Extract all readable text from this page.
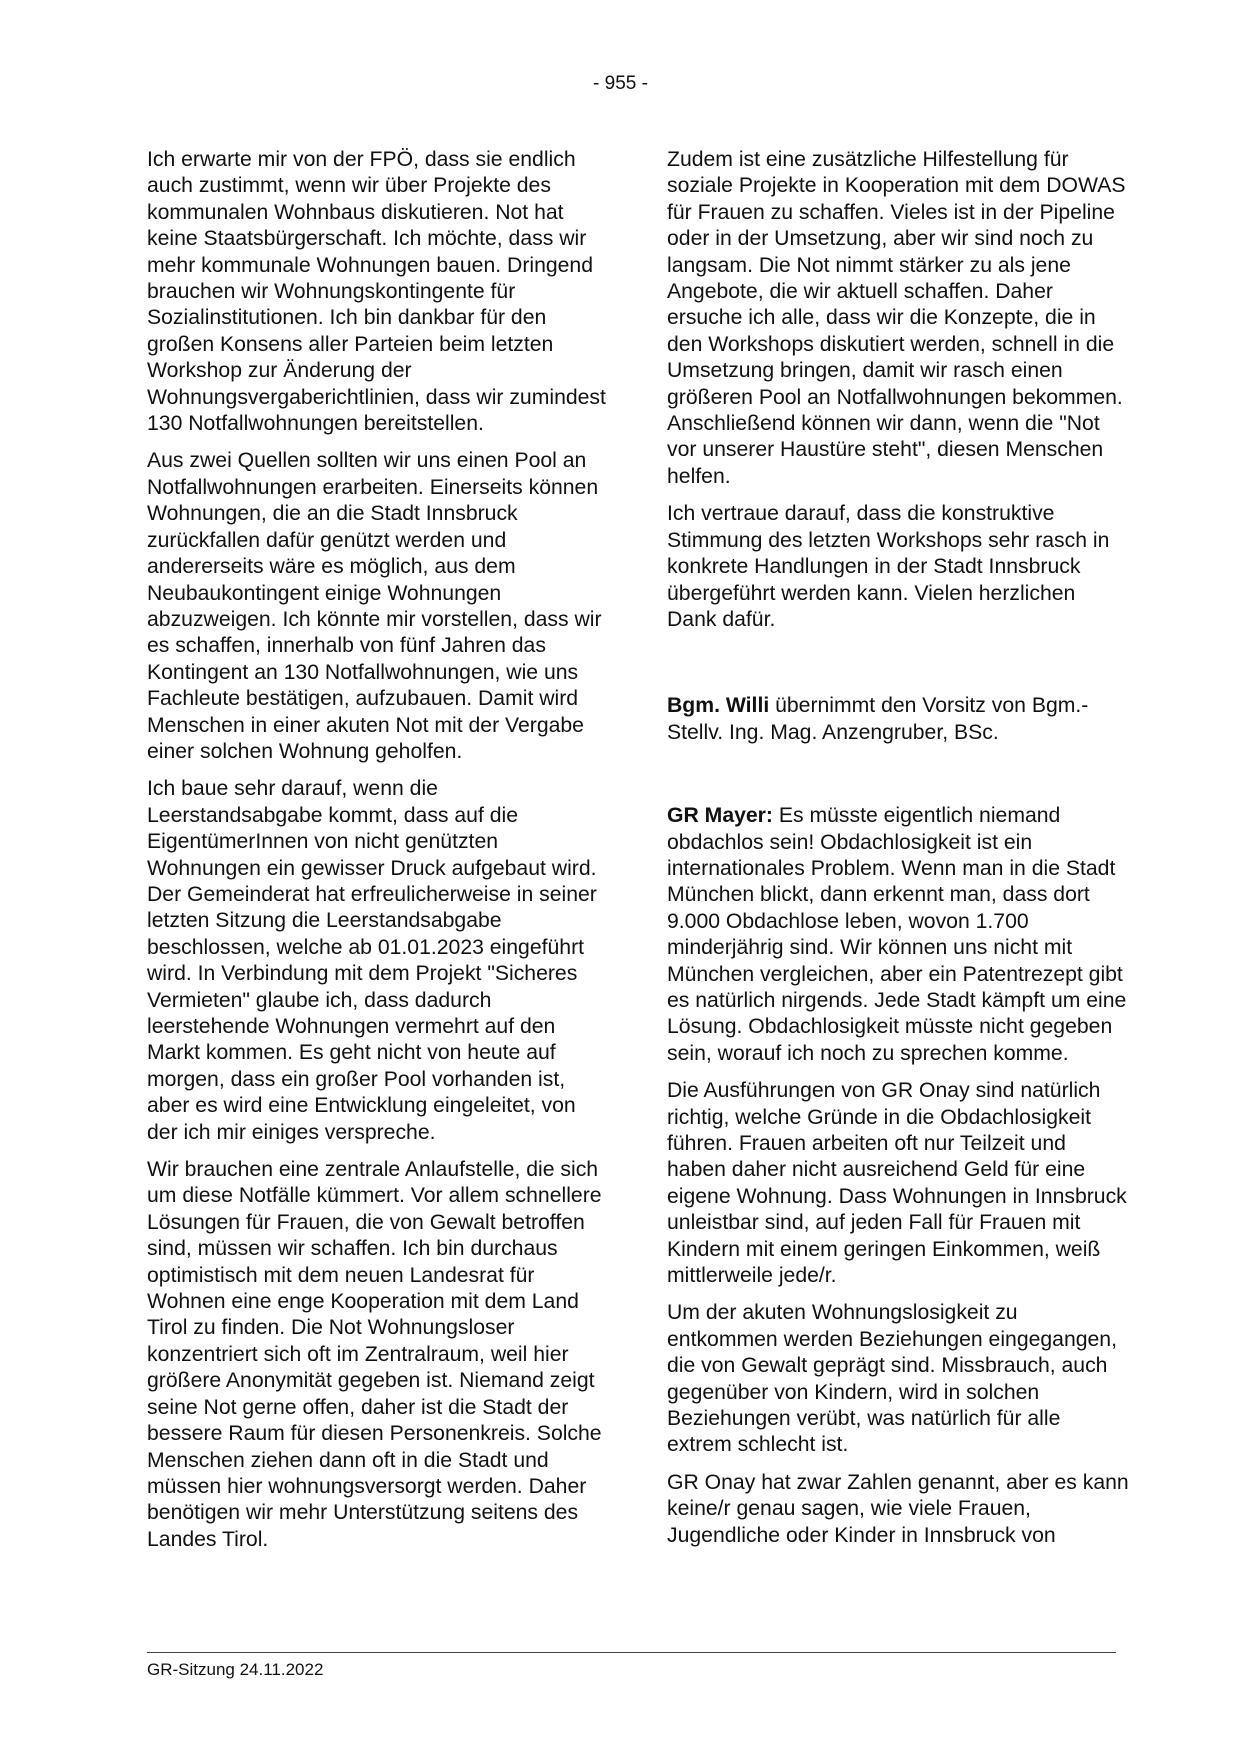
- 955 -

Ich erwarte mir von der FPÖ, dass sie endlich auch zustimmt, wenn wir über Projekte des kommunalen Wohnbaus diskutieren. Not hat keine Staatsbürgerschaft. Ich möchte, dass wir mehr kommunale Wohnungen bauen. Dringend brauchen wir Wohnungskontingente für Sozialinstitutionen. Ich bin dankbar für den großen Konsens aller Parteien beim letzten Workshop zur Änderung der Wohnungsvergaberichtlinien, dass wir zumindest 130 Notfallwohnungen bereitstellen.

Aus zwei Quellen sollten wir uns einen Pool an Notfallwohnungen erarbeiten. Einerseits können Wohnungen, die an die Stadt Innsbruck zurückfallen dafür genützt werden und andererseits wäre es möglich, aus dem Neubaukontingent einige Wohnungen abzuzweigen. Ich könnte mir vorstellen, dass wir es schaffen, innerhalb von fünf Jahren das Kontingent an 130 Notfallwohnungen, wie uns Fachleute bestätigen, aufzubauen. Damit wird Menschen in einer akuten Not mit der Vergabe einer solchen Wohnung geholfen.

Ich baue sehr darauf, wenn die Leerstandsabgabe kommt, dass auf die EigentümerInnen von nicht genützten Wohnungen ein gewisser Druck aufgebaut wird. Der Gemeinderat hat erfreulicherweise in seiner letzten Sitzung die Leerstandsabgabe beschlossen, welche ab 01.01.2023 eingeführt wird. In Verbindung mit dem Projekt "Sicheres Vermieten" glaube ich, dass dadurch leerstehende Wohnungen vermehrt auf den Markt kommen. Es geht nicht von heute auf morgen, dass ein großer Pool vorhanden ist, aber es wird eine Entwicklung eingeleitet, von der ich mir einiges verspreche.

Wir brauchen eine zentrale Anlaufstelle, die sich um diese Notfälle kümmert. Vor allem schnellere Lösungen für Frauen, die von Gewalt betroffen sind, müssen wir schaffen. Ich bin durchaus optimistisch mit dem neuen Landesrat für Wohnen eine enge Kooperation mit dem Land Tirol zu finden. Die Not Wohnungsloser konzentriert sich oft im Zentralraum, weil hier größere Anonymität gegeben ist. Niemand zeigt seine Not gerne offen, daher ist die Stadt der bessere Raum für diesen Personenkreis. Solche Menschen ziehen dann oft in die Stadt und müssen hier wohnungsversorgt werden. Daher benötigen wir mehr Unterstützung seitens des Landes Tirol.

Zudem ist eine zusätzliche Hilfestellung für soziale Projekte in Kooperation mit dem DOWAS für Frauen zu schaffen. Vieles ist in der Pipeline oder in der Umsetzung, aber wir sind noch zu langsam. Die Not nimmt stärker zu als jene Angebote, die wir aktuell schaffen. Daher ersuche ich alle, dass wir die Konzepte, die in den Workshops diskutiert werden, schnell in die Umsetzung bringen, damit wir rasch einen größeren Pool an Notfallwohnungen bekommen. Anschließend können wir dann, wenn die "Not vor unserer Haustüre steht", diesen Menschen helfen.

Ich vertraue darauf, dass die konstruktive Stimmung des letzten Workshops sehr rasch in konkrete Handlungen in der Stadt Innsbruck übergeführt werden kann. Vielen herzlichen Dank dafür.

Bgm. Willi übernimmt den Vorsitz von Bgm.-Stellv. Ing. Mag. Anzengruber, BSc.

GR Mayer: Es müsste eigentlich niemand obdachlos sein! Obdachlosigkeit ist ein internationales Problem. Wenn man in die Stadt München blickt, dann erkennt man, dass dort 9.000 Obdachlose leben, wovon 1.700 minderjährig sind. Wir können uns nicht mit München vergleichen, aber ein Patentrezept gibt es natürlich nirgends. Jede Stadt kämpft um eine Lösung. Obdachlosigkeit müsste nicht gegeben sein, worauf ich noch zu sprechen komme.

Die Ausführungen von GR Onay sind natürlich richtig, welche Gründe in die Obdachlosigkeit führen. Frauen arbeiten oft nur Teilzeit und haben daher nicht ausreichend Geld für eine eigene Wohnung. Dass Wohnungen in Innsbruck unleistbar sind, auf jeden Fall für Frauen mit Kindern mit einem geringen Einkommen, weiß mittlerweile jede/r.

Um der akuten Wohnungslosigkeit zu entkommen werden Beziehungen eingegangen, die von Gewalt geprägt sind. Missbrauch, auch gegenüber von Kindern, wird in solchen Beziehungen verübt, was natürlich für alle extrem schlecht ist.

GR Onay hat zwar Zahlen genannt, aber es kann keine/r genau sagen, wie viele Frauen, Jugendliche oder Kinder in Innsbruck von

GR-Sitzung 24.11.2022
